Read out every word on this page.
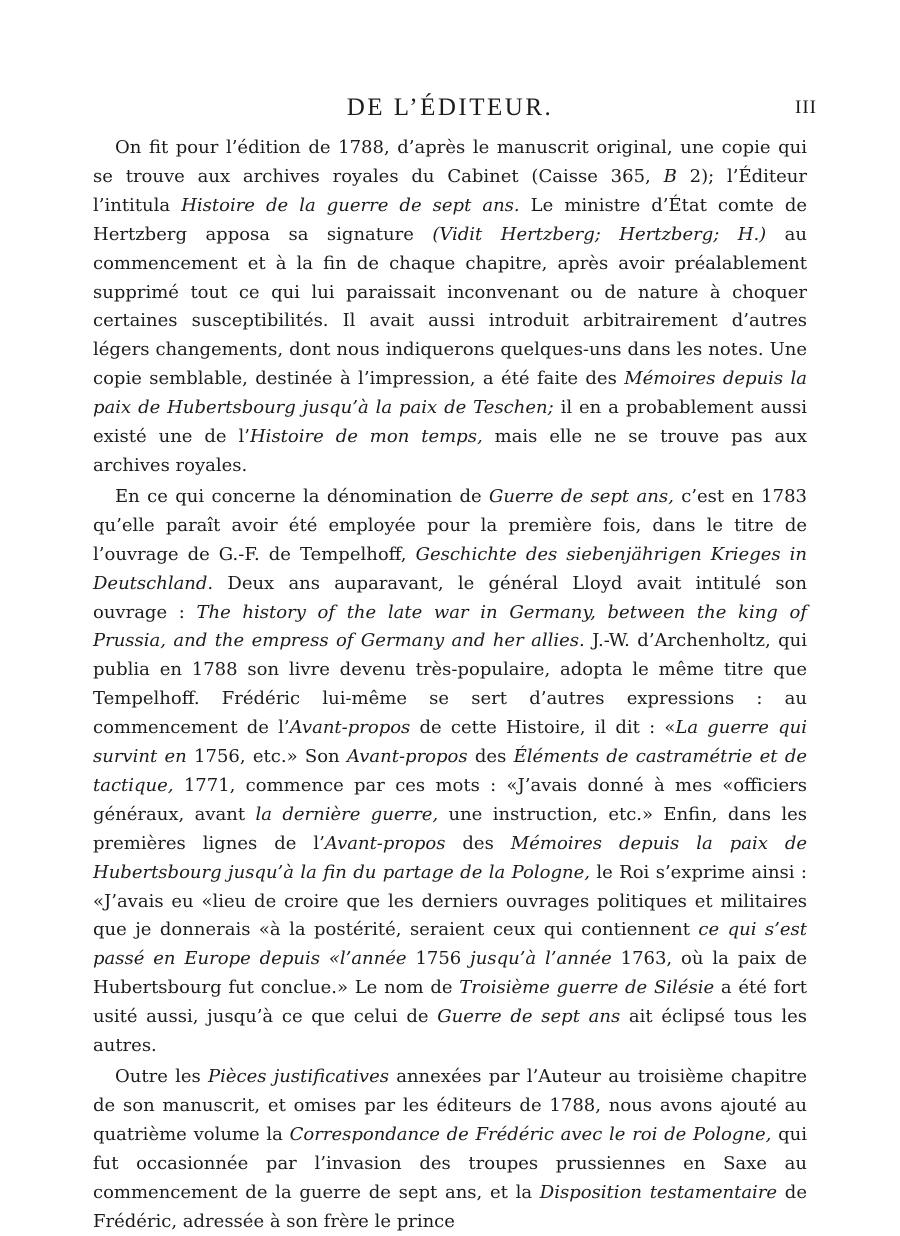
DE L’ÉDITEUR.	III

On fit pour l’édition de 1788, d’après le manuscrit original, une copie qui se trouve aux archives royales du Cabinet (Caisse 365, B 2); l’Éditeur l’intitula Histoire de la guerre de sept ans. Le ministre d’État comte de Hertzberg apposa sa signature (Vidit Hertzberg; Hertzberg; H.) au commencement et à la fin de chaque chapitre, après avoir préalablement supprimé tout ce qui lui paraissait inconvenant ou de nature à choquer certaines susceptibilités. Il avait aussi introduit arbitrairement d’autres légers changements, dont nous indiquerons quelques-uns dans les notes. Une copie semblable, destinée à l’impression, a été faite des Mémoires depuis la paix de Hubertsbourg jusqu’à la paix de Teschen; il en a probablement aussi existé une de l’Histoire de mon temps, mais elle ne se trouve pas aux archives royales.

En ce qui concerne la dénomination de Guerre de sept ans, c’est en 1783 qu’elle paraît avoir été employée pour la première fois, dans le titre de l’ouvrage de G.-F. de Tempelhoff, Geschichte des siebenjährigen Krieges in Deutschland. Deux ans auparavant, le général Lloyd avait intitulé son ouvrage : The history of the late war in Germany, between the king of Prussia, and the empress of Germany and her allies. J.-W. d’Archenholtz, qui publia en 1788 son livre devenu très-populaire, adopta le même titre que Tempelhoff. Frédéric lui-même se sert d’autres expressions : au commencement de l’Avant-propos de cette Histoire, il dit : «La guerre qui survint en 1756, etc.» Son Avant-propos des Éléments de castramétrie et de tactique, 1771, commence par ces mots : «J’avais donné à mes «officiers généraux, avant la dernière guerre, une instruction, etc.» Enfin, dans les premières lignes de l’Avant-propos des Mémoires depuis la paix de Hubertsbourg jusqu’à la fin du partage de la Pologne, le Roi s’exprime ainsi : «J’avais eu «lieu de croire que les derniers ouvrages politiques et militaires que je donnerais «à la postérité, seraient ceux qui contiennent ce qui s’est passé en Europe depuis «l’année 1756 jusqu’à l’année 1763, où la paix de Hubertsbourg fut conclue.» Le nom de Troisième guerre de Silésie a été fort usité aussi, jusqu’à ce que celui de Guerre de sept ans ait éclipsé tous les autres.

Outre les Pièces justificatives annexées par l’Auteur au troisième chapitre de son manuscrit, et omises par les éditeurs de 1788, nous avons ajouté au quatrième volume la Correspondance de Frédéric avec le roi de Pologne, qui fut occasionnée par l’invasion des troupes prussiennes en Saxe au commencement de la guerre de sept ans, et la Disposition testamentaire de Frédéric, adressée à son frère le prince
